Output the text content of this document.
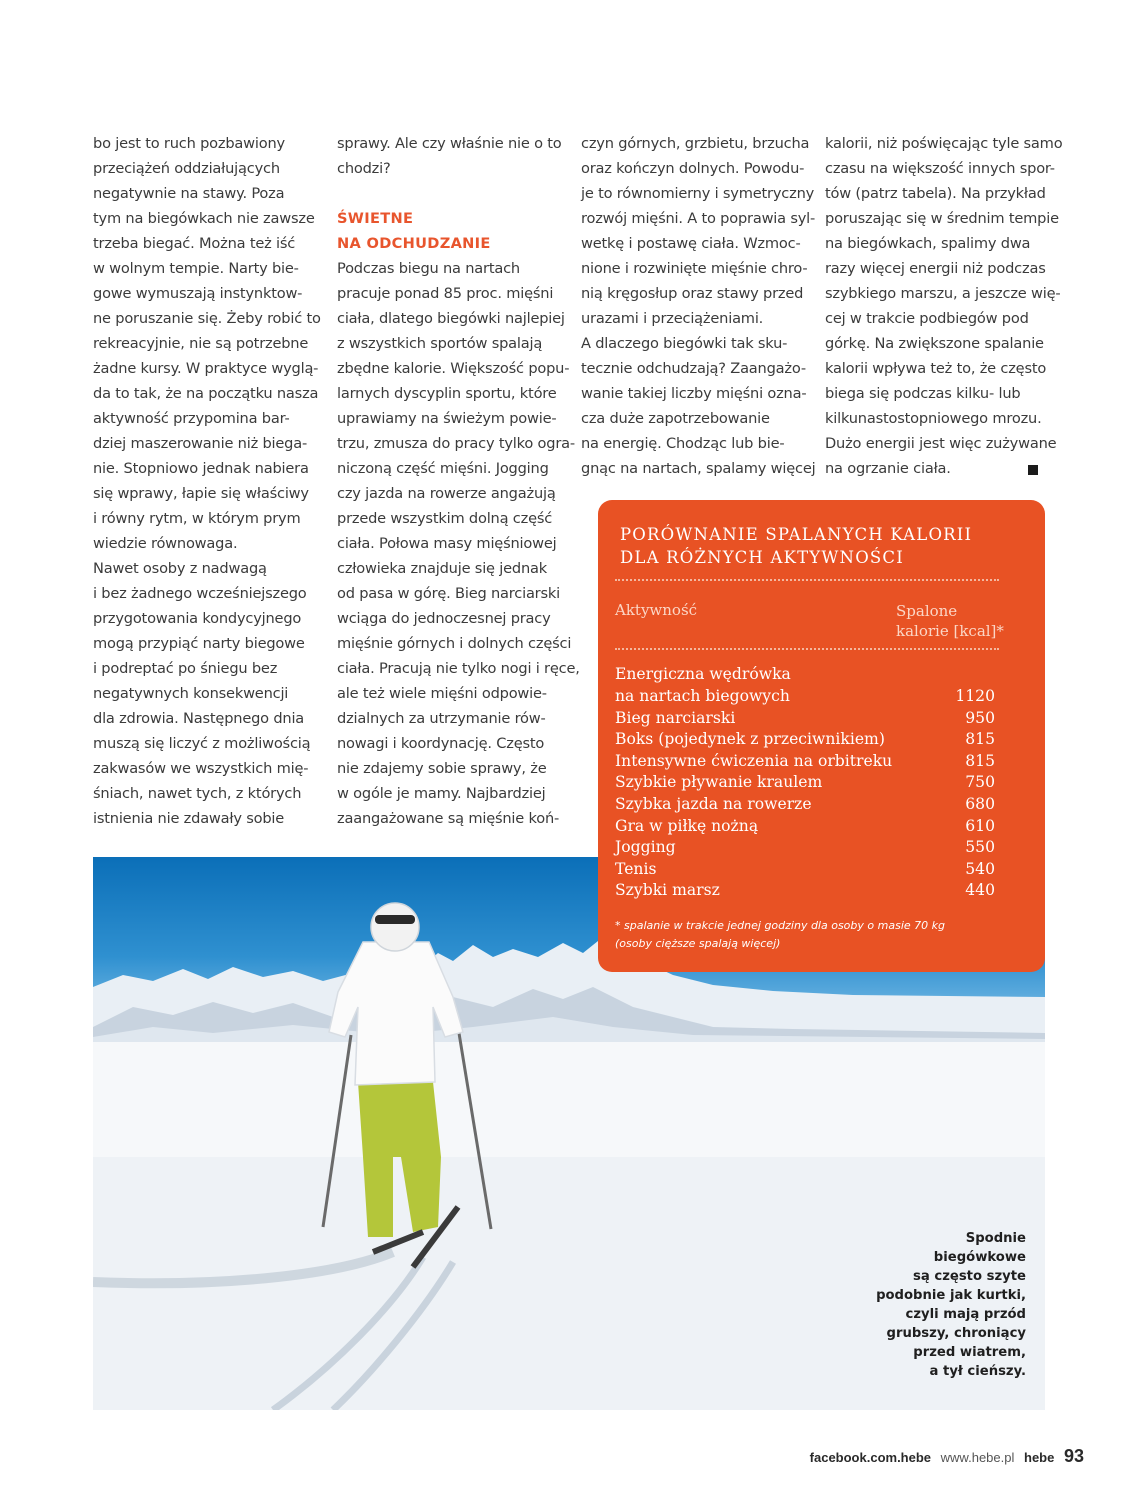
bo jest to ruch pozbawiony
przeciążeń oddziałujących
negatywnie na stawy. Poza
tym na biegówkach nie zawsze
trzeba biegać. Można też iść
w wolnym tempie. Narty bie-
gowe wymuszają instynktow-
ne poruszanie się. Żeby robić to
rekreacyjnie, nie są potrzebne
żadne kursy. W praktyce wyglą-
da to tak, że na początku nasza
aktywność przypomina bar-
dziej maszerowanie niż biega-
nie. Stopniowo jednak nabiera
się wprawy, łapie się właściwy
i równy rytm, w którym prym
wiedzie równowaga.
Nawet osoby z nadwagą
i bez żadnego wcześniejszego
przygotowania kondycyjnego
mogą przypiąć narty biegowe
i podreptać po śniegu bez
negatywnych konsekwencji
dla zdrowia. Następnego dnia
muszą się liczyć z możliwością
zakwasów we wszystkich mię-
śniach, nawet tych, z których
istnienia nie zdawały sobie
sprawy. Ale czy właśnie nie o to
chodzi?
ŚWIETNE
NA ODCHUDZANIE
Podczas biegu na nartach
pracuje ponad 85 proc. mięśni
ciała, dlatego biegówki najlepiej
z wszystkich sportów spalają
zbędne kalorie. Większość popu-
larnych dyscyplin sportu, które
uprawiamy na świeżym powie-
trzu, zmusza do pracy tylko ogra-
niczoną część mięśni. Jogging
czy jazda na rowerze angażują
przede wszystkim dolną część
ciała. Połowa masy mięśniowej
człowieka znajduje się jednak
od pasa w górę. Bieg narciarski
wciąga do jednoczesnej pracy
mięśnie górnych i dolnych części
ciała. Pracują nie tylko nogi i ręce,
ale też wiele mięśni odpowie-
dzialnych za utrzymanie rów-
nowagi i koordynację. Często
nie zdajemy sobie sprawy, że
w ogóle je mamy. Najbardziej
zaangażowane są mięśnie koń-
czyn górnych, grzbietu, brzucha
oraz kończyn dolnych. Powodu-
je to równomierny i symetryczny
rozwój mięśni. A to poprawia syl-
wetkę i postawę ciała. Wzmoc-
nione i rozwinięte mięśnie chro-
nią kręgosłup oraz stawy przed
urazami i przeciążeniami.
A dlaczego biegówki tak sku-
tecznie odchudzają? Zaangażo-
wanie takiej liczby mięśni ozna-
cza duże zapotrzebowanie
na energię. Chodząc lub bie-
gnąc na nartach, spalamy więcej
kalorii, niż poświęcając tyle samo
czasu na większość innych spor-
tów (patrz tabela). Na przykład
poruszając się w średnim tempie
na biegówkach, spalimy dwa
razy więcej energii niż podczas
szybkiego marszu, a jeszcze wię-
cej w trakcie podbiegów pod
górkę. Na zwiększone spalanie
kalorii wpływa też to, że często
biega się podczas kilku- lub
kilkunastostopniowego mrozu.
Dużo energii jest więc zużywane
na ogrzanie ciała.
Spodnie
biegówkowe
są często szyte
podobnie jak kurtki,
czyli mają przód
grubszy, chroniący
przed wiatrem,
a tył cieńszy.
PORÓWNANIE SPALANYCH KALORII
DLA RÓŻNYCH AKTYWNOŚCI
Aktywność	Spalone
kalorie [kcal]*
Energiczna wędrówka
na nartach biegowych	1120
Bieg narciarski	950
Boks (pojedynek z przeciwnikiem)	815
Intensywne ćwiczenia na orbitreku	815
Szybkie pływanie kraulem	750
Szybka jazda na rowerze	680
Gra w piłkę nożną	610
Jogging	550
Tenis	540
Szybki marsz	440
* spalanie w trakcie jednej godziny dla osoby o masie 70 kg
(osoby cięższe spalają więcej)
facebook.com.hebe www.hebe.pl hebe 93
